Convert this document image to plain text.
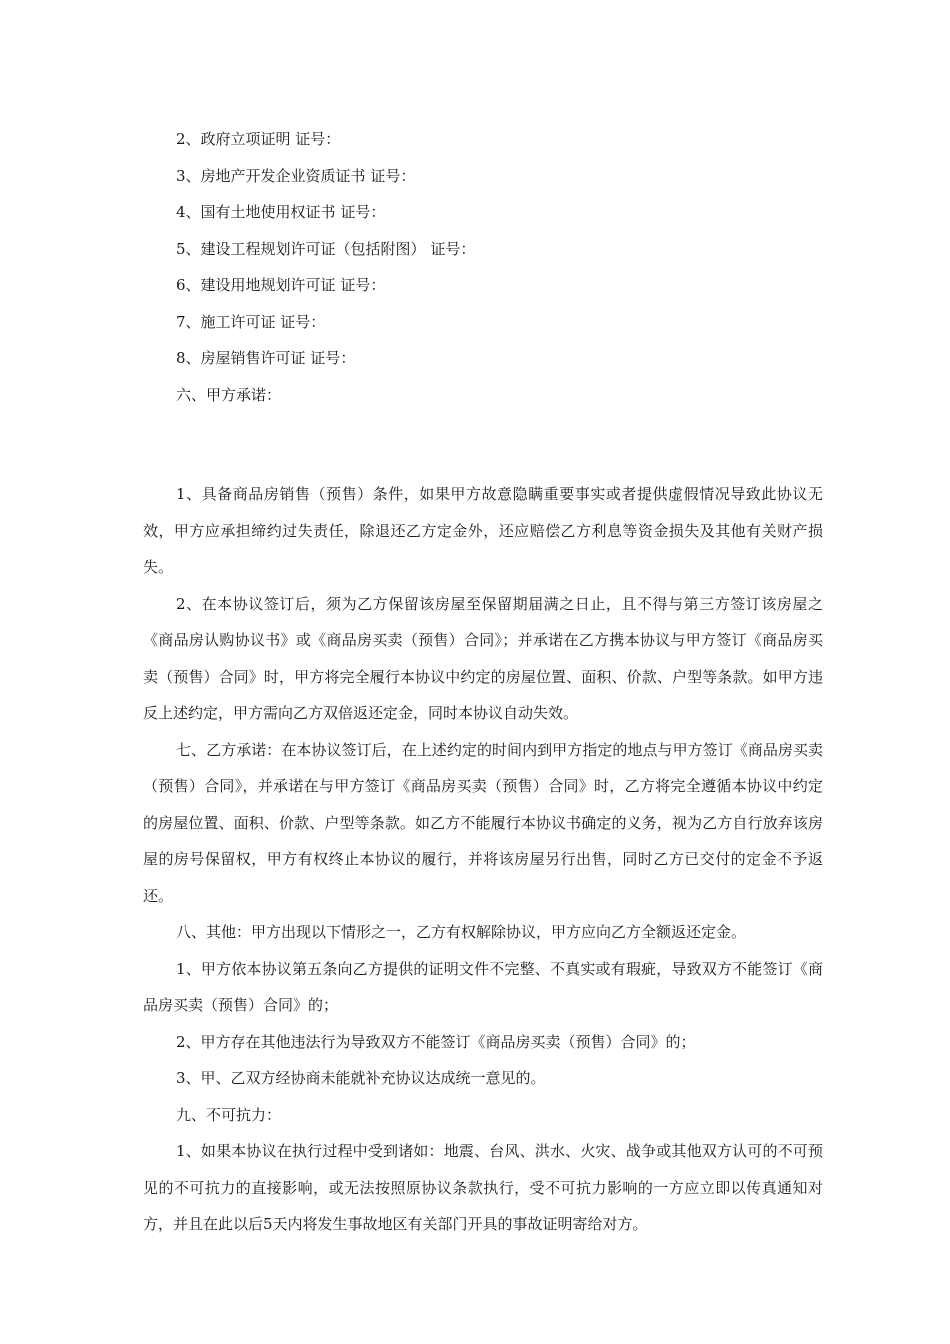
2、政府立项证明 证号：
3、房地产开发企业资质证书 证号：
4、国有土地使用权证书 证号：
5、建设工程规划许可证（包括附图） 证号：
6、建设用地规划许可证 证号：
7、施工许可证 证号：
8、房屋销售许可证 证号：
六、甲方承诺：

1、具备商品房销售（预售）条件，如果甲方故意隐瞒重要事实或者提供虚假情况导致此协议无效，甲方应承担缔约过失责任，除退还乙方定金外，还应赔偿乙方利息等资金损失及其他有关财产损失。

2、在本协议签订后，须为乙方保留该房屋至保留期届满之日止，且不得与第三方签订该房屋之《商品房认购协议书》或《商品房买卖（预售）合同》；并承诺在乙方携本协议与甲方签订《商品房买卖（预售）合同》时，甲方将完全履行本协议中约定的房屋位置、面积、价款、户型等条款。如甲方违反上述约定，甲方需向乙方双倍返还定金，同时本协议自动失效。

七、乙方承诺：在本协议签订后，在上述约定的时间内到甲方指定的地点与甲方签订《商品房买卖（预售）合同》，并承诺在与甲方签订《商品房买卖（预售）合同》时，乙方将完全遵循本协议中约定的房屋位置、面积、价款、户型等条款。如乙方不能履行本协议书确定的义务，视为乙方自行放弃该房屋的房号保留权，甲方有权终止本协议的履行，并将该房屋另行出售，同时乙方已交付的定金不予返还。

八、其他：甲方出现以下情形之一，乙方有权解除协议，甲方应向乙方全额返还定金。

1、甲方依本协议第五条向乙方提供的证明文件不完整、不真实或有瑕疵，导致双方不能签订《商品房买卖（预售）合同》的；

2、甲方存在其他违法行为导致双方不能签订《商品房买卖（预售）合同》的；

3、甲、乙双方经协商未能就补充协议达成统一意见的。

九、不可抗力：

1、如果本协议在执行过程中受到诸如：地震、台风、洪水、火灾、战争或其他双方认可的不可预见的不可抗力的直接影响，或无法按照原协议条款执行，受不可抗力影响的一方应立即以传真通知对方，并且在此以后5天内将发生事故地区有关部门开具的事故证明寄给对方。
